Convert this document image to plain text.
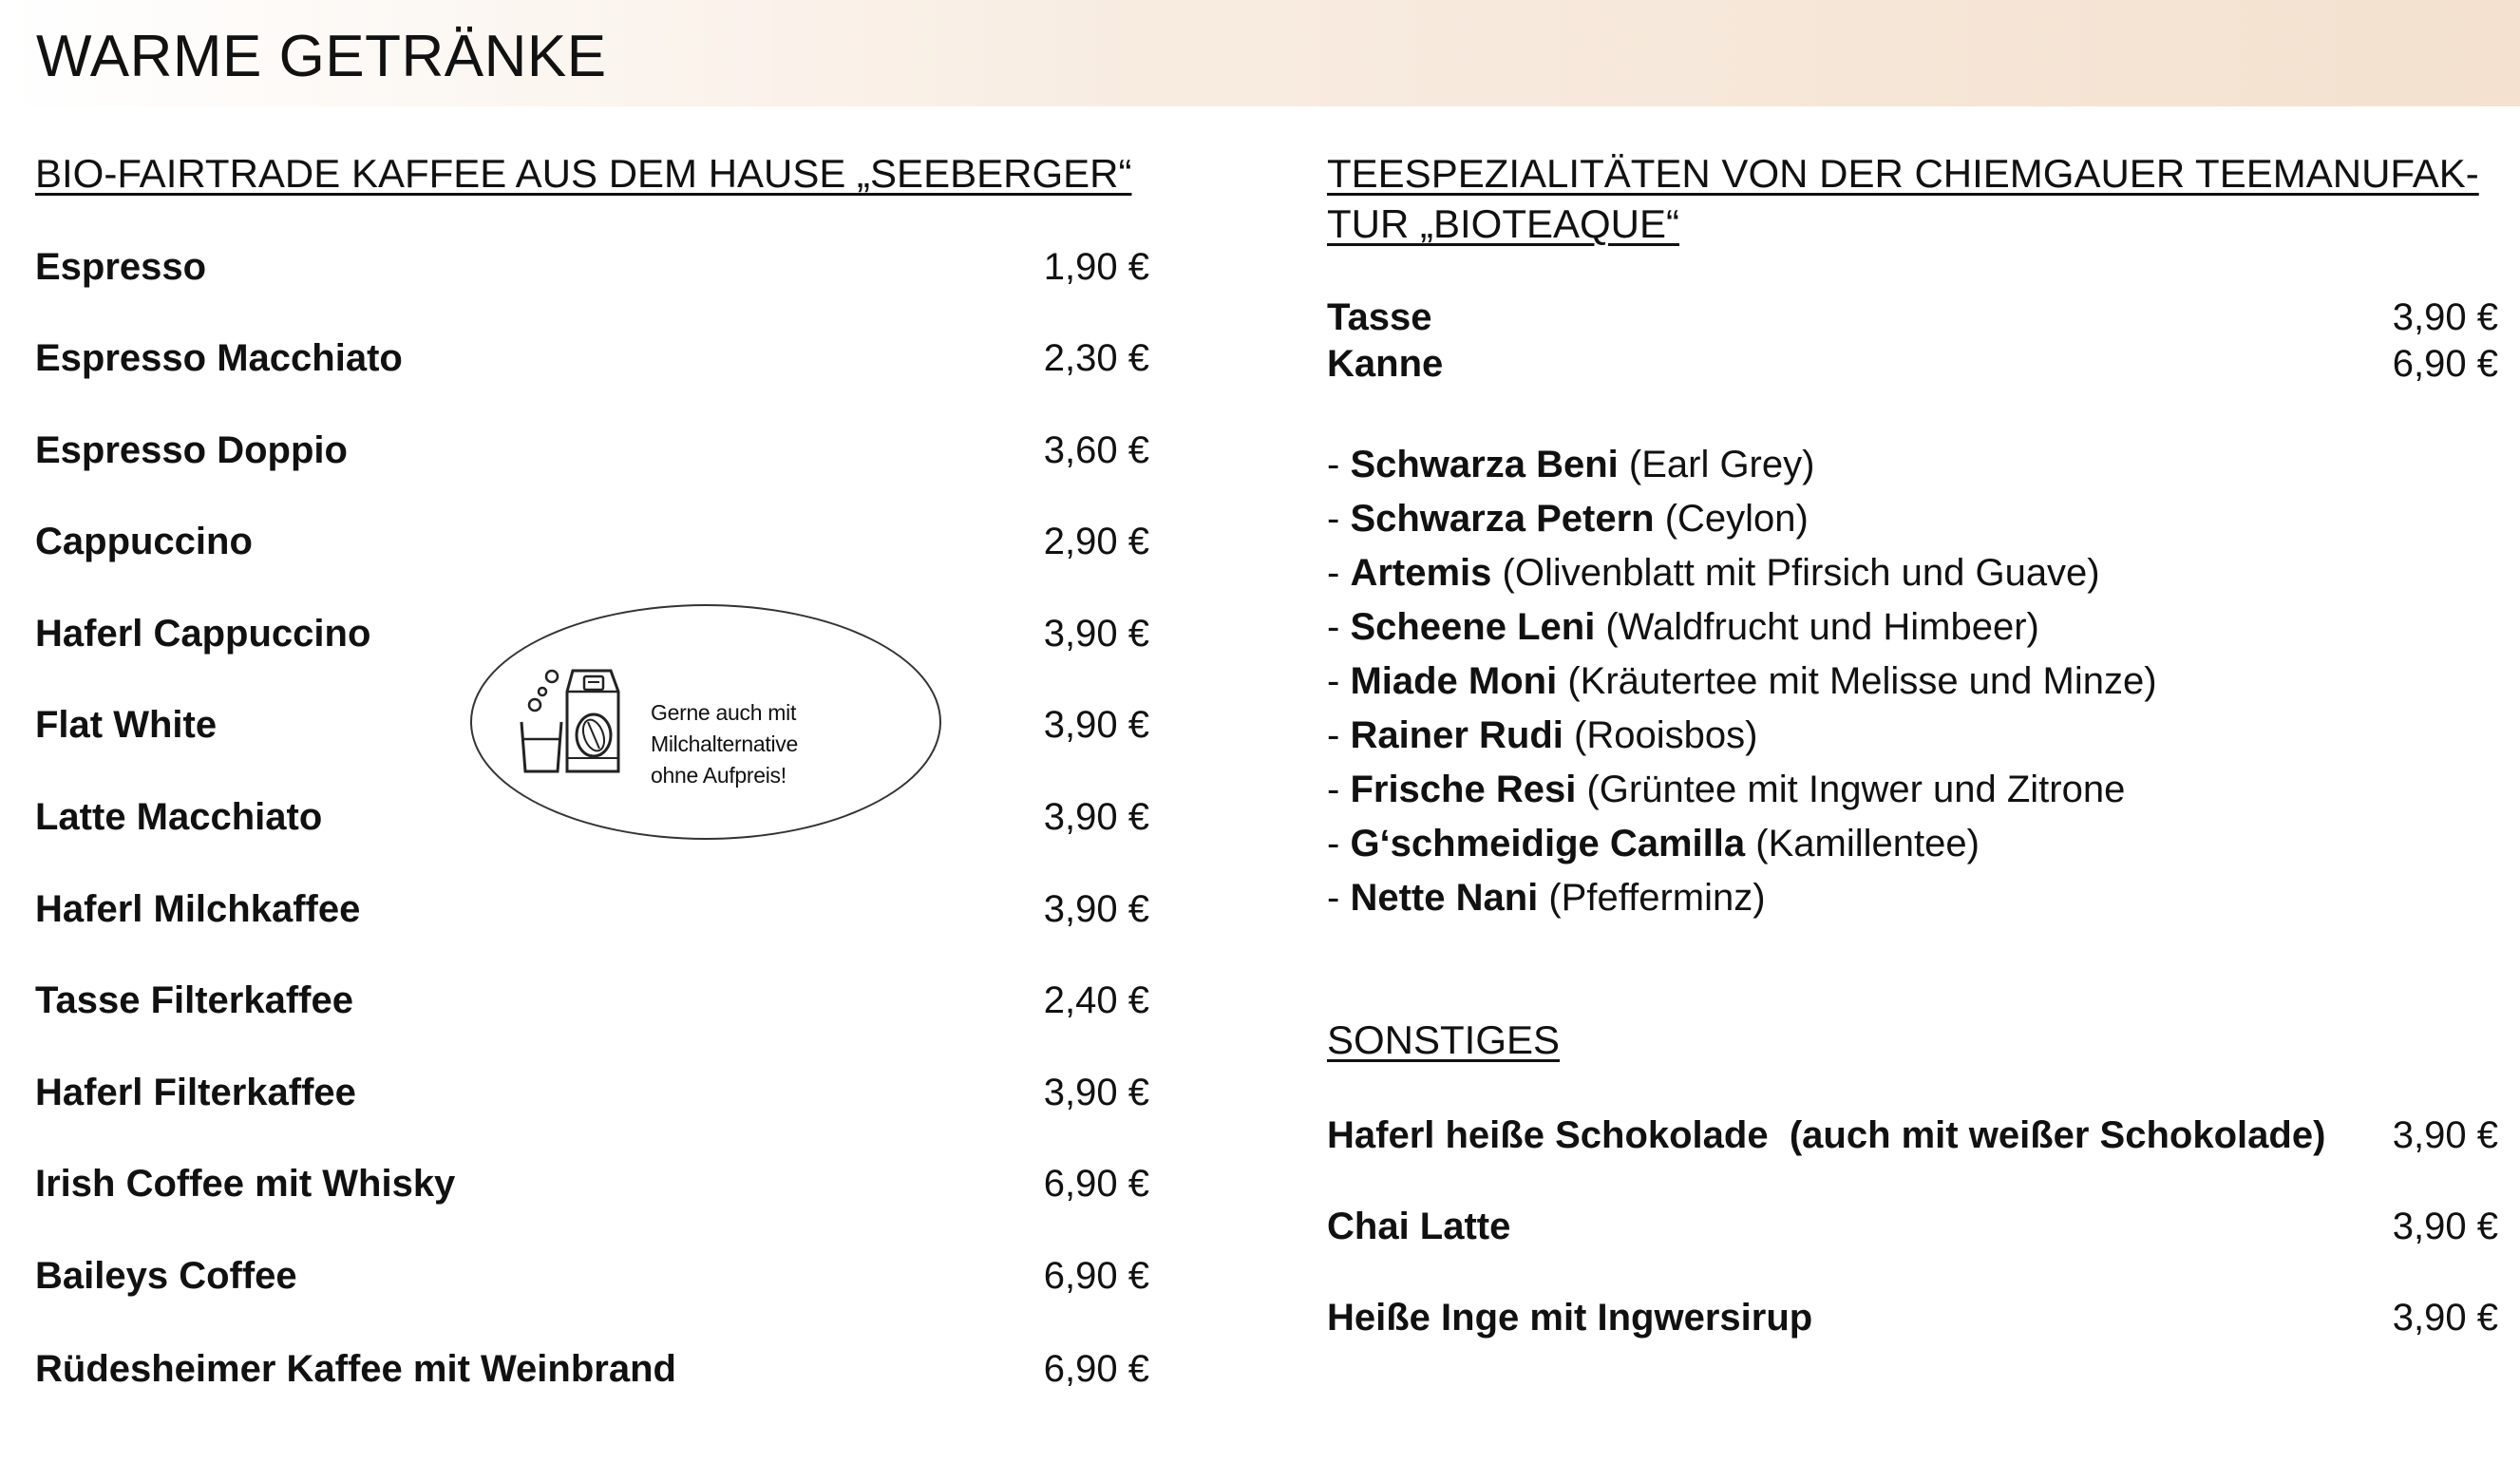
WARME GETRÄNKE
BIO-FAIRTRADE KAFFEE AUS DEM HAUSE „SEEBERGER“
Espresso	1,90 €
Espresso Macchiato	2,30 €
Espresso Doppio	3,60 €
Cappuccino	2,90 €
Haferl Cappuccino	3,90 €
Flat White	3,90 €
Latte Macchiato	3,90 €
Haferl Milchkaffee	3,90 €
Tasse Filterkaffee	2,40 €
Haferl Filterkaffee	3,90 €
Irish Coffee mit Whisky	6,90 €
Baileys Coffee	6,90 €
Rüdesheimer Kaffee mit Weinbrand	6,90 €
Gerne auch mit Milchalternative
ohne Aufpreis!
TEESPEZIALITÄTEN VON DER CHIEMGAUER TEEMANUFAK-
TUR „BIOTEAQUE“
Tasse	3,90 €
Kanne	6,90 €
- Schwarza Beni (Earl Grey)
- Schwarza Petern (Ceylon)
- Artemis (Olivenblatt mit Pfirsich und Guave)
- Scheene Leni (Waldfrucht und Himbeer)
- Miade Moni (Kräutertee mit Melisse und Minze)
- Rainer Rudi (Rooisbos)
- Frische Resi (Grüntee mit Ingwer und Zitrone
- G‘schmeidige Camilla (Kamillentee)
- Nette Nani (Pfefferminz)
SONSTIGES
Haferl heiße Schokolade  (auch mit weißer Schokolade) 3,90 €
Chai Latte	3,90 €
Heiße Inge mit Ingwersirup	3,90 €
